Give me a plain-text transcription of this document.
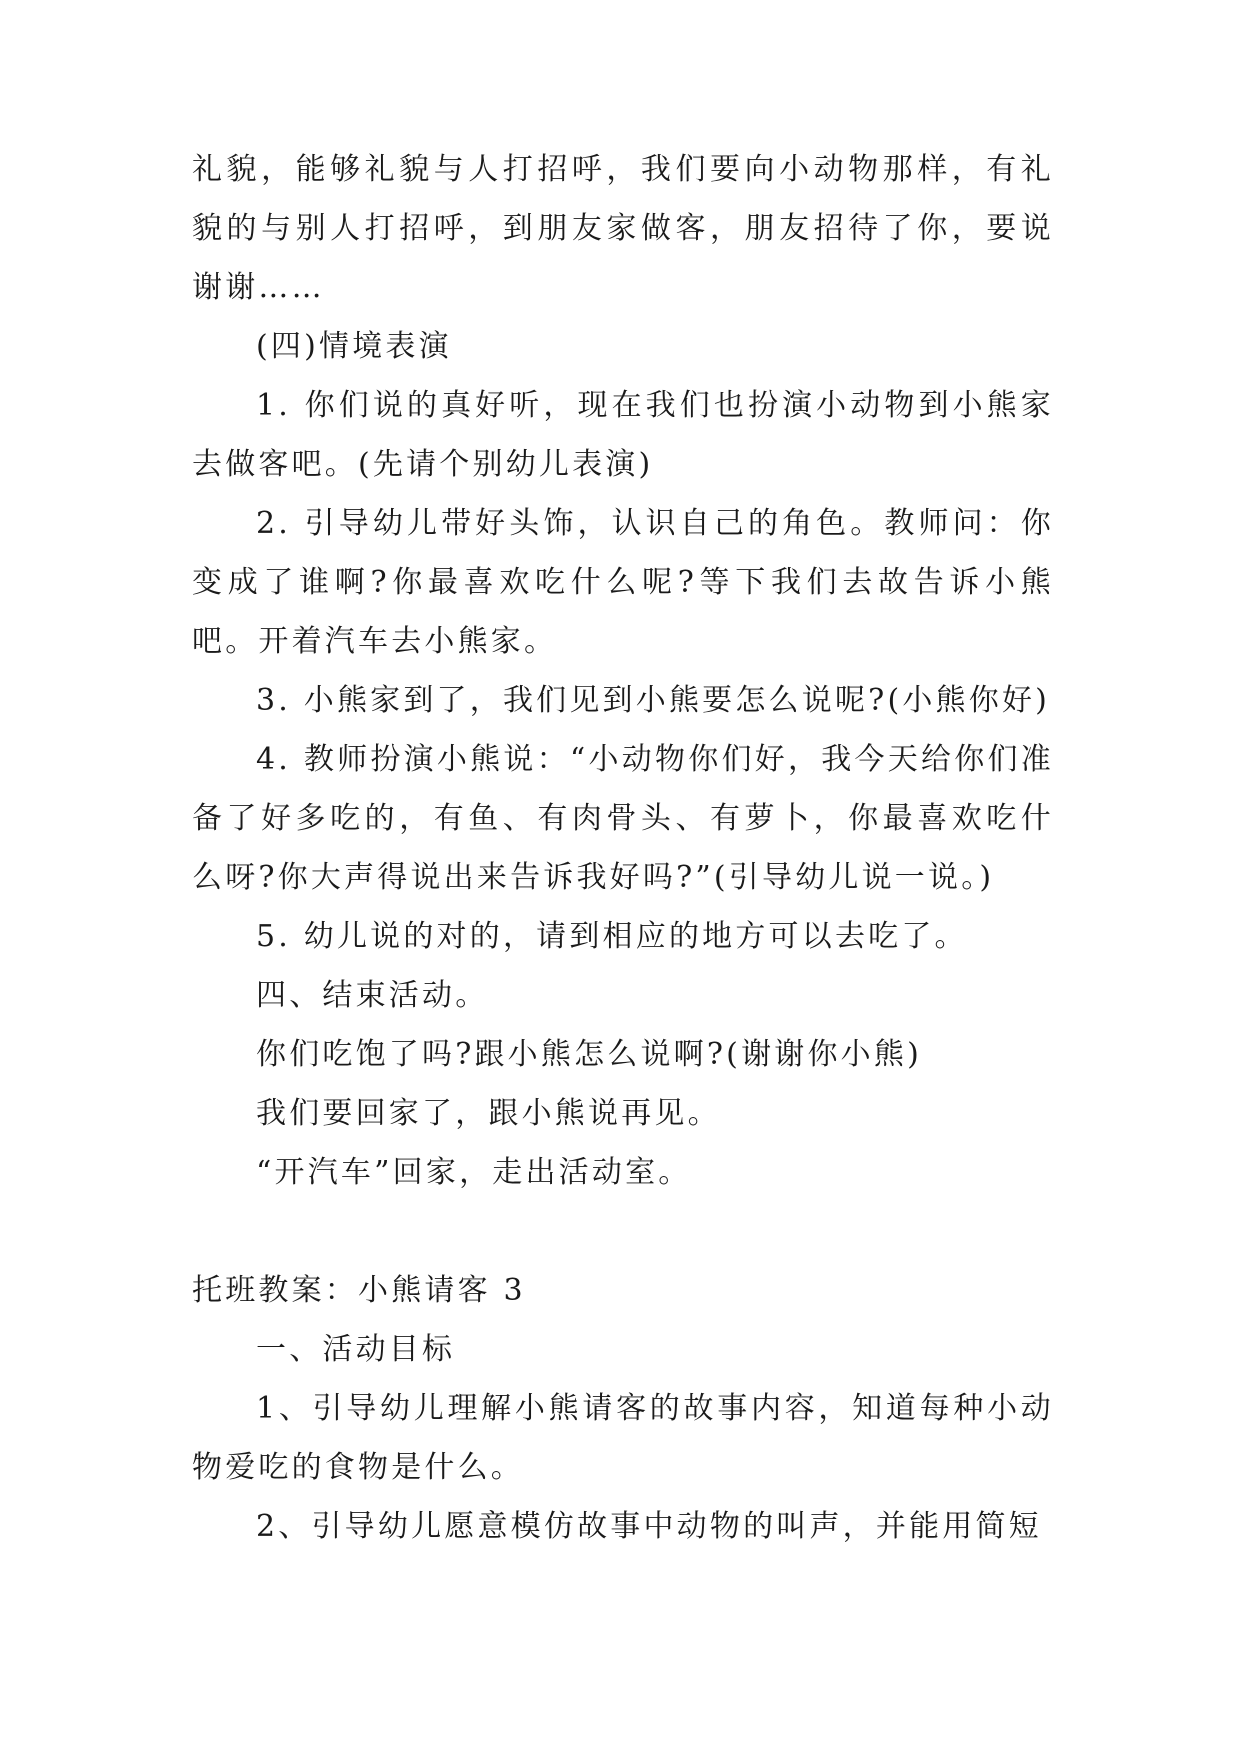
礼貌，能够礼貌与人打招呼，我们要向小动物那样，有礼貌的与别人打招呼，到朋友家做客，朋友招待了你，要说谢谢……

(四)情境表演

1. 你们说的真好听，现在我们也扮演小动物到小熊家去做客吧。(先请个别幼儿表演)

2. 引导幼儿带好头饰，认识自己的角色。教师问：你变成了谁啊?你最喜欢吃什么呢?等下我们去故告诉小熊吧。开着汽车去小熊家。

3. 小熊家到了，我们见到小熊要怎么说呢?(小熊你好)

4. 教师扮演小熊说：“小动物你们好，我今天给你们准备了好多吃的，有鱼、有肉骨头、有萝卜，你最喜欢吃什么呀?你大声得说出来告诉我好吗?”(引导幼儿说一说。)

5. 幼儿说的对的，请到相应的地方可以去吃了。

四、结束活动。

你们吃饱了吗?跟小熊怎么说啊?(谢谢你小熊)

我们要回家了，跟小熊说再见。

“开汽车”回家，走出活动室。

托班教案：小熊请客 3

一、活动目标

1、引导幼儿理解小熊请客的故事内容，知道每种小动物爱吃的食物是什么。

2、引导幼儿愿意模仿故事中动物的叫声，并能用简短
